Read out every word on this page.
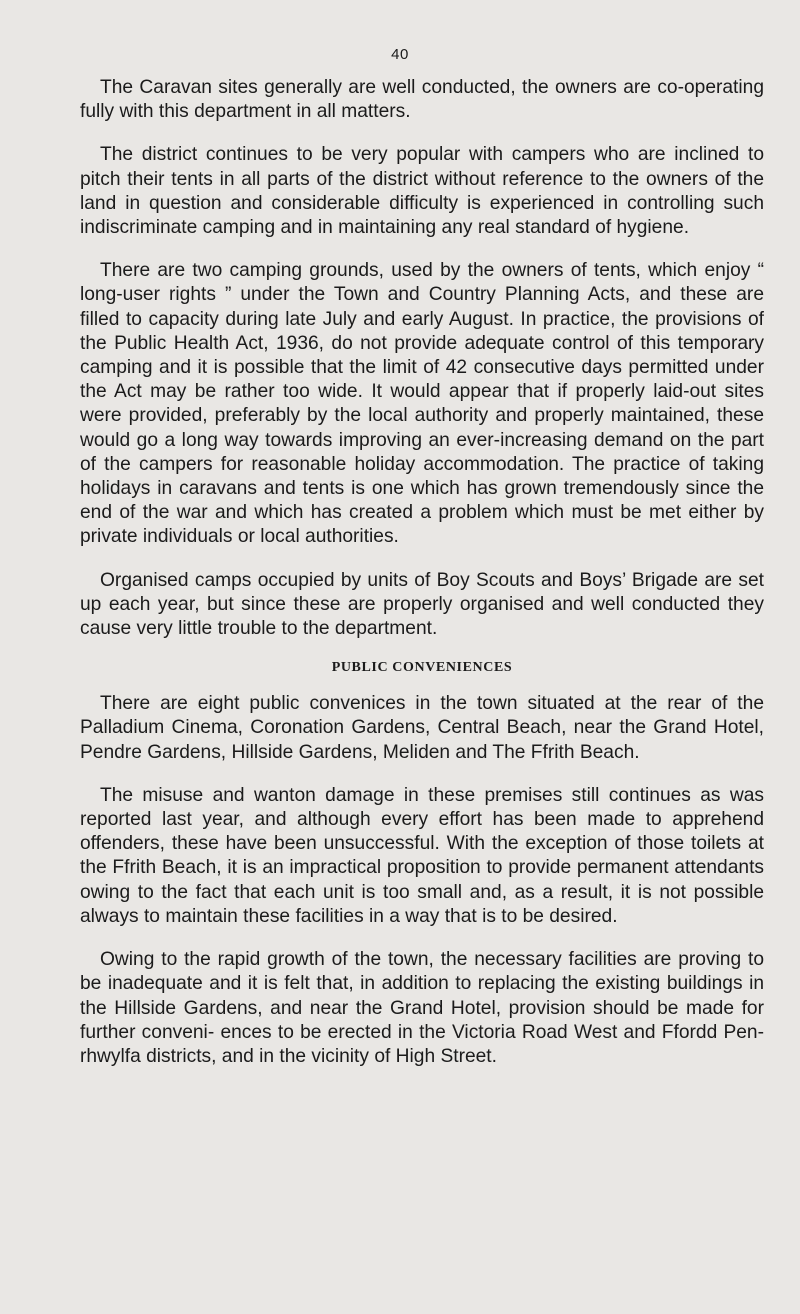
40

The Caravan sites generally are well conducted, the owners are co-operating fully with this department in all matters.

The district continues to be very popular with campers who are inclined to pitch their tents in all parts of the district without reference to the owners of the land in question and considerable difficulty is experienced in controlling such indiscriminate camping and in maintaining any real standard of hygiene.

There are two camping grounds, used by the owners of tents, which enjoy “ long-user rights ” under the Town and Country Planning Acts, and these are filled to capacity during late July and early August. In practice, the provisions of the Public Health Act, 1936, do not provide adequate control of this temporary camping and it is possible that the limit of 42 consecutive days permitted under the Act may be rather too wide. It would appear that if properly laid-out sites were provided, preferably by the local authority and properly maintained, these would go a long way towards improving an ever-increasing demand on the part of the campers for reasonable holiday accommodation. The practice of taking holidays in caravans and tents is one which has grown tremendously since the end of the war and which has created a problem which must be met either by private individuals or local authorities.

Organised camps occupied by units of Boy Scouts and Boys’ Brigade are set up each year, but since these are properly organised and well conducted they cause very little trouble to the department.

PUBLIC CONVENIENCES

There are eight public convenices in the town situated at the rear of the Palladium Cinema, Coronation Gardens, Central Beach, near the Grand Hotel, Pendre Gardens, Hillside Gardens, Meliden and The Ffrith Beach.

The misuse and wanton damage in these premises still continues as was reported last year, and although every effort has been made to apprehend offenders, these have been unsuccessful. With the exception of those toilets at the Ffrith Beach, it is an impractical proposition to provide permanent attendants owing to the fact that each unit is too small and, as a result, it is not possible always to maintain these facilities in a way that is to be desired.

Owing to the rapid growth of the town, the necessary facilities are proving to be inadequate and it is felt that, in addition to replacing the existing buildings in the Hillside Gardens, and near the Grand Hotel, provision should be made for further conveni- ences to be erected in the Victoria Road West and Ffordd Pen- rhwylfa districts, and in the vicinity of High Street.
